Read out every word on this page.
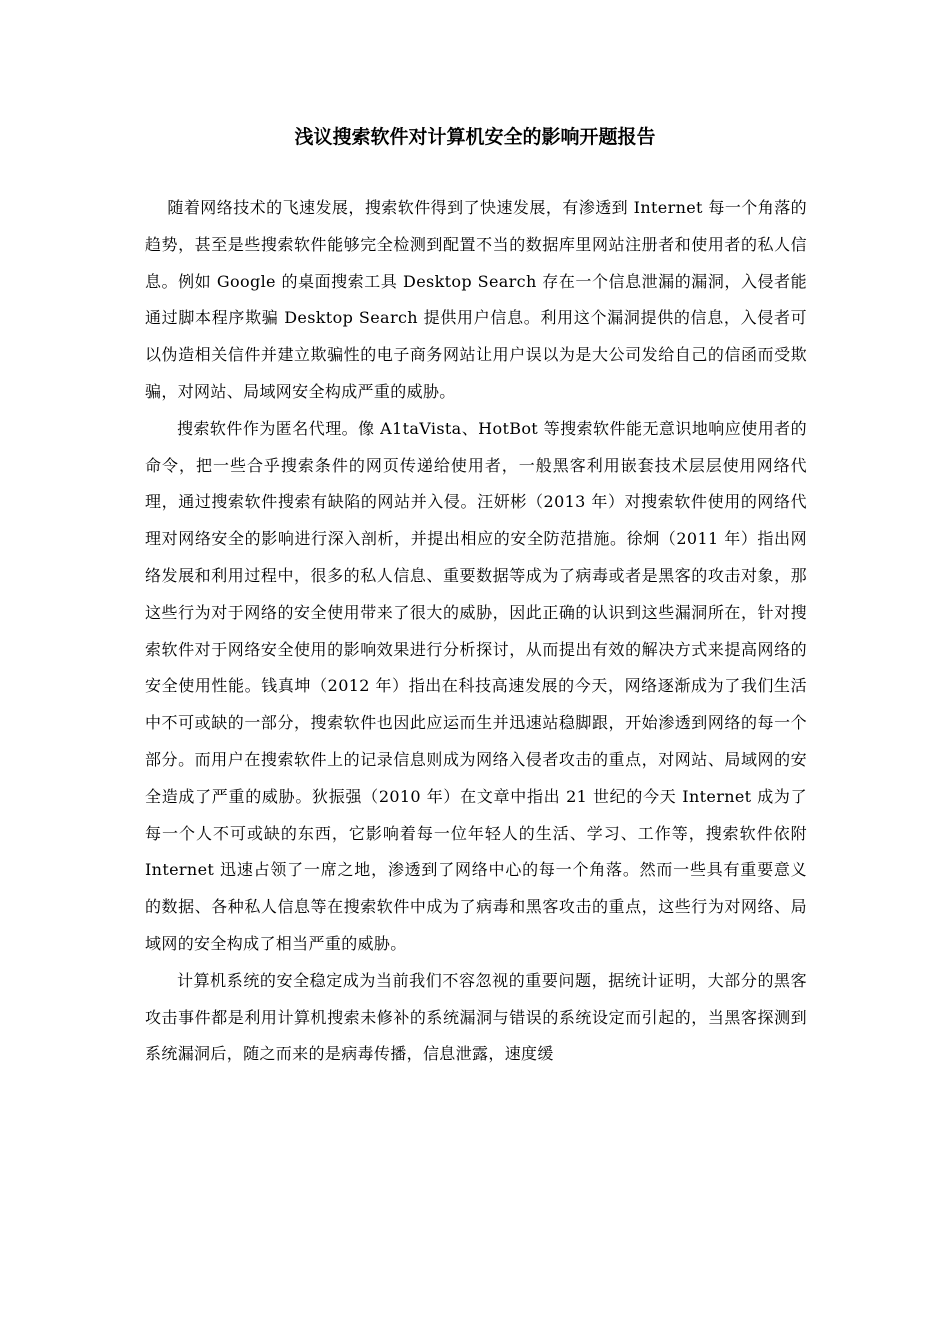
浅议搜索软件对计算机安全的影响开题报告

随着网络技术的飞速发展，搜索软件得到了快速发展，有渗透到 Internet 每一个角落的趋势，甚至是些搜索软件能够完全检测到配置不当的数据库里网站注册者和使用者的私人信息。例如 Google 的桌面搜索工具 Desktop Search 存在一个信息泄漏的漏洞，入侵者能通过脚本程序欺骗 Desktop Search 提供用户信息。利用这个漏洞提供的信息，入侵者可以伪造相关信件并建立欺骗性的电子商务网站让用户误以为是大公司发给自己的信函而受欺骗，对网站、局域网安全构成严重的威胁。

搜索软件作为匿名代理。像 A1taVista、HotBot 等搜索软件能无意识地响应使用者的命令，把一些合乎搜索条件的网页传递给使用者，一般黑客利用嵌套技术层层使用网络代理，通过搜索软件搜索有缺陷的网站并入侵。汪妍彬（2013 年）对搜索软件使用的网络代理对网络安全的影响进行深入剖析，并提出相应的安全防范措施。徐炯（2011 年）指出网络发展和利用过程中，很多的私人信息、重要数据等成为了病毒或者是黑客的攻击对象，那这些行为对于网络的安全使用带来了很大的威胁，因此正确的认识到这些漏洞所在，针对搜索软件对于网络安全使用的影响效果进行分析探讨，从而提出有效的解决方式来提高网络的安全使用性能。钱真坤（2012 年）指出在科技高速发展的今天，网络逐渐成为了我们生活中不可或缺的一部分，搜索软件也因此应运而生并迅速站稳脚跟，开始渗透到网络的每一个部分。而用户在搜索软件上的记录信息则成为网络入侵者攻击的重点，对网站、局域网的安全造成了严重的威胁。狄振强（2010 年）在文章中指出 21 世纪的今天 Internet 成为了每一个人不可或缺的东西，它影响着每一位年轻人的生活、学习、工作等，搜索软件依附 Internet 迅速占领了一席之地，渗透到了网络中心的每一个角落。然而一些具有重要意义的数据、各种私人信息等在搜索软件中成为了病毒和黑客攻击的重点，这些行为对网络、局域网的安全构成了相当严重的威胁。

计算机系统的安全稳定成为当前我们不容忽视的重要问题，据统计证明，大部分的黑客攻击事件都是利用计算机搜索未修补的系统漏洞与错误的系统设定而引起的，当黑客探测到系统漏洞后，随之而来的是病毒传播，信息泄露，速度缓
